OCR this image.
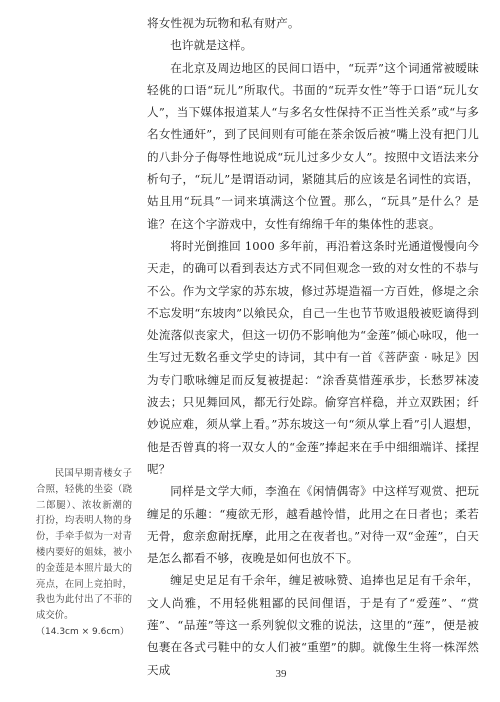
将女性视为玩物和私有财产。

也许就是这样。

在北京及周边地区的民间口语中，“玩弄”这个词通常被暧昧轻佻的口语“玩儿”所取代。书面的“玩弄女性”等于口语“玩儿女人”，当下媒体报道某人“与多名女性保持不正当性关系”或“与多名女性通奸”，到了民间则有可能在茶余饭后被“嘴上没有把门儿的八卦分子侮辱性地说成“玩儿过多少女人”。按照中文语法来分析句子，“玩儿”是谓语动词，紧随其后的应该是名词性的宾语，姑且用“玩具”一词来填满这个位置。那么，“玩具”是什么？是谁？在这个字游戏中，女性有绵绵千年的集体性的悲哀。

将时光倒推回 1000 多年前，再沿着这条时光通道慢慢向今天走，的确可以看到表达方式不同但观念一致的对女性的不恭与不公。作为文学家的苏东坡，修过苏堤造福一方百姓，修堤之余不忘发明“东坡肉”以飨民众，自己一生也节节败退般被贬谪得到处流落似丧家犬，但这一切仍不影响他为“金莲”倾心咏叹，他一生写过无数名垂文学史的诗词，其中有一首《菩萨蛮 · 咏足》因为专门歌咏缠足而反复被提起：“涂香莫惜莲承步，长愁罗袜凌波去；只见舞回风，都无行处踪。偷穿宫样稳，并立双跌困；纤妙说应难，须从掌上看。”苏东坡这一句“须从掌上看”引人遐想，他是否曾真的将一双女人的“金莲”捧起来在手中细细端详、揉捏呢？

同样是文学大师，李渔在《闲情偶寄》中这样写观赏、把玩缠足的乐趣：“瘦欲无形，越看越怜惜，此用之在日者也；柔若无骨，愈亲愈耐抚摩，此用之在夜者也。”对待一双“金莲”，白天是怎么都看不够，夜晚是如何也放不下。

缠足史足足有千余年，缠足被咏赞、追捧也足足有千余年，文人尚雅，不用轻佻粗鄙的民间俚语，于是有了“爱莲”、“赏莲”、“品莲”等这一系列貌似文雅的说法，这里的“莲”，便是被包裹在各式弓鞋中的女人们被“重塑”的脚。就像生生将一株浑然天成

民国早期青楼女子合照，轻佻的坐姿（跷二郎腿）、浓妆新潮的打扮，均表明人物的身份，手牵手似为一对青楼内要好的姐妹，被小的金莲是本照片最大的亮点，在同上竞拍时，我也为此付出了不菲的成交价。

（14.3cm × 9.6cm）

39
